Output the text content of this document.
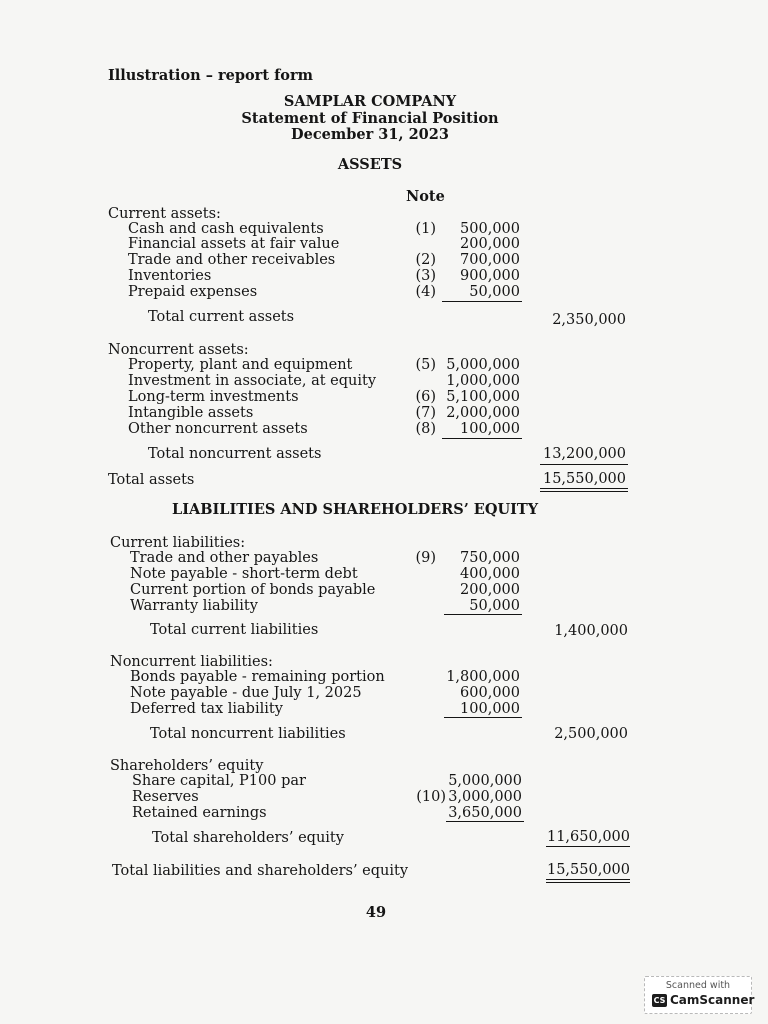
Illustration – report form
SAMPLAR COMPANY
Statement of Financial Position
December 31, 2023
ASSETS
Note
Current assets:
Cash and cash equivalents	(1)	500,000
Financial assets at fair value	200,000
Trade and other receivables	(2)	700,000
Inventories	(3)	900,000
Prepaid expenses	(4)	50,000
Total current assets	2,350,000
Noncurrent assets:
Property, plant and equipment	(5) 5,000,000
Investment in associate, at equity	1,000,000
Long-term investments	(6) 5,100,000
Intangible assets	(7) 2,000,000
Other noncurrent assets	(8)	100,000
Total noncurrent assets	13,200,000
Total assets	15,550,000
LIABILITIES AND SHAREHOLDERS’ EQUITY
Current liabilities:
Trade and other payables	(9)	750,000
Note payable - short-term debt	400,000
Current portion of bonds payable	200,000
Warranty liability	50,000
Total current liabilities	1,400,000
Noncurrent liabilities:
Bonds payable - remaining portion	1,800,000
Note payable - due July 1, 2025	600,000
Deferred tax liability	100,000
Total noncurrent liabilities	2,500,000
Shareholders’ equity
Share capital, P100 par	5,000,000
Reserves	(10) 3,000,000
Retained earnings	3,650,000
Total shareholders’ equity	11,650,000
Total liabilities and shareholders’ equity	15,550,000
49
Scanned with
CS CamScanner
